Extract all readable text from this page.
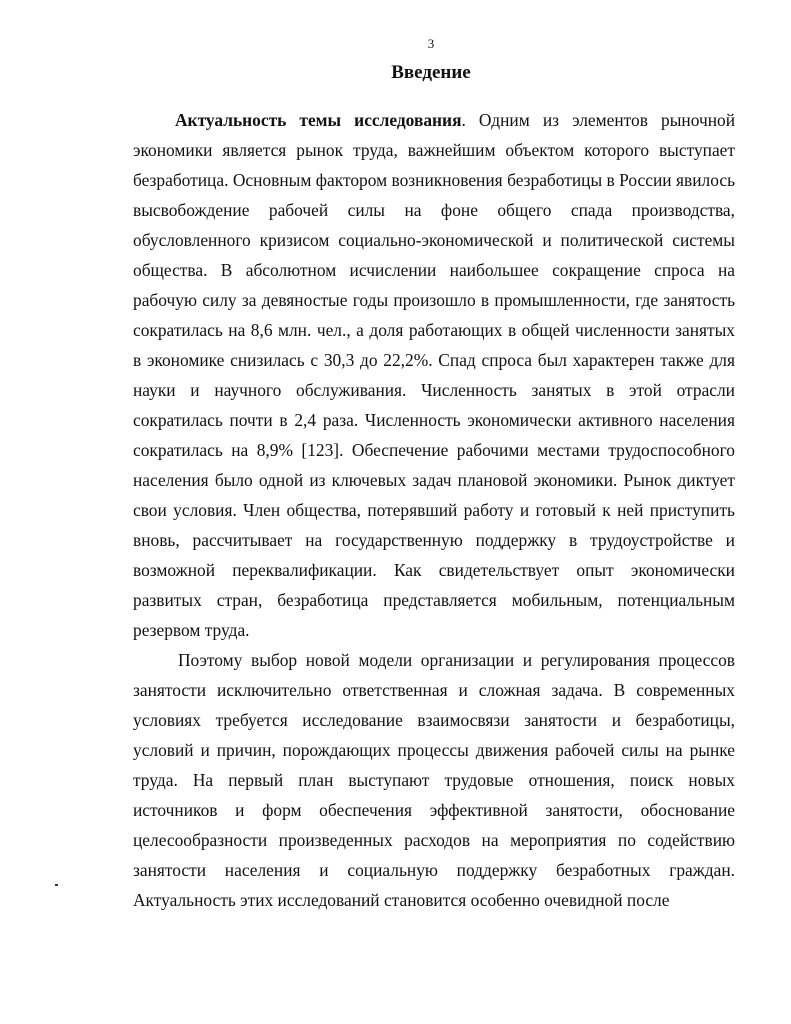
3
Введение

Актуальность темы исследования. Одним из элементов рыночной экономики является рынок труда, важнейшим объектом которого выступает безработица. Основным фактором возникновения безработицы в России явилось высвобождение рабочей силы на фоне общего спада производства, обусловленного кризисом социально-экономической и политической системы общества. В абсолютном исчислении наибольшее сокращение спроса на рабочую силу за девяностые годы произошло в промышленности, где занятость сократилась на 8,6 млн. чел., а доля работающих в общей численности занятых в экономике снизилась с 30,3 до 22,2%. Спад спроса был характерен также для науки и научного обслуживания. Численность занятых в этой отрасли сократилась почти в 2,4 раза. Численность экономически активного населения сократилась на 8,9% [123]. Обеспечение рабочими местами трудоспособного населения было одной из ключевых задач плановой экономики. Рынок диктует свои условия. Член общества, потерявший работу и готовый к ней приступить вновь, рассчитывает на государственную поддержку в трудоустройстве и возможной переквалификации. Как свидетельствует опыт экономически развитых стран, безработица представляется мобильным, потенциальным резервом труда.

Поэтому выбор новой модели организации и регулирования процессов занятости исключительно ответственная и сложная задача. В современных условиях требуется исследование взаимосвязи занятости и безработицы, условий и причин, порождающих процессы движения рабочей силы на рынке труда. На первый план выступают трудовые отношения, поиск новых источников и форм обеспечения эффективной занятости, обоснование целесообразности произведенных расходов на мероприятия по содействию занятости населения и социальную поддержку безработных граждан. Актуальность этих исследований становится особенно очевидной после
